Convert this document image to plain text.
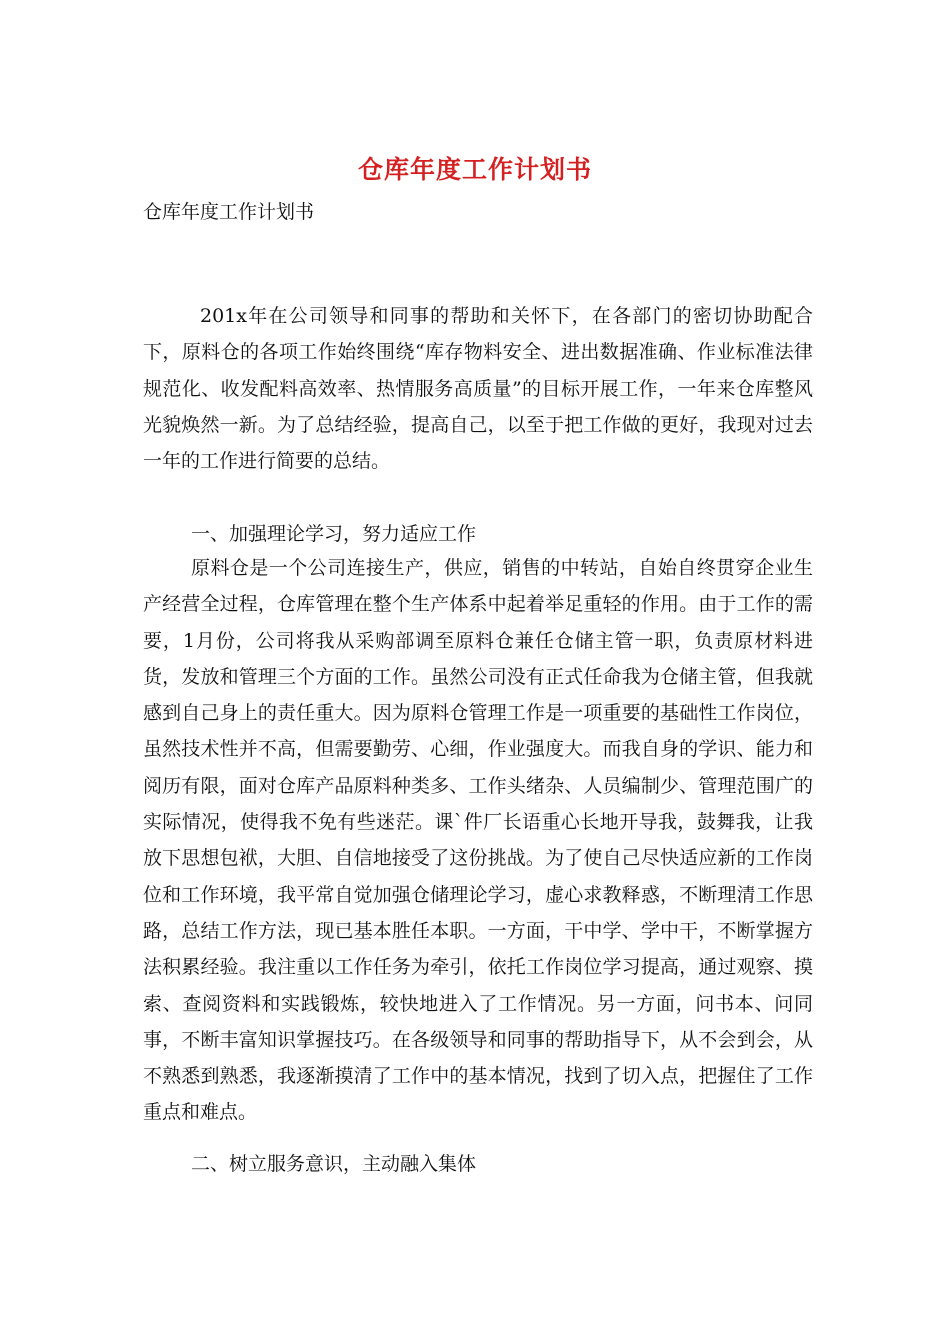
仓库年度工作计划书
仓库年度工作计划书

201x年在公司领导和同事的帮助和关怀下，在各部门的密切协助配合下，原料仓的各项工作始终围绕“库存物料安全、进出数据准确、作业标准法律规范化、收发配料高效率、热情服务高质量”的目标开展工作，一年来仓库整风光貌焕然一新。为了总结经验，提高自己，以至于把工作做的更好，我现对过去一年的工作进行简要的总结。

一、加强理论学习，努力适应工作

原料仓是一个公司连接生产，供应，销售的中转站，自始自终贯穿企业生产经营全过程，仓库管理在整个生产体系中起着举足重轻的作用。由于工作的需要，1月份，公司将我从采购部调至原料仓兼任仓储主管一职，负责原材料进货，发放和管理三个方面的工作。虽然公司没有正式任命我为仓储主管，但我就感到自己身上的责任重大。因为原料仓管理工作是一项重要的基础性工作岗位，虽然技术性并不高，但需要勤劳、心细，作业强度大。而我自身的学识、能力和阅历有限，面对仓库产品原料种类多、工作头绪杂、人员编制少、管理范围广的实际情况，使得我不免有些迷茫。课`件厂长语重心长地开导我，鼓舞我，让我放下思想包袱，大胆、自信地接受了这份挑战。为了使自己尽快适应新的工作岗位和工作环境，我平常自觉加强仓储理论学习，虚心求教释惑，不断理清工作思路，总结工作方法，现已基本胜任本职。一方面，干中学、学中干，不断掌握方法积累经验。我注重以工作任务为牵引，依托工作岗位学习提高，通过观察、摸索、查阅资料和实践锻炼，较快地进入了工作情况。另一方面，问书本、问同事，不断丰富知识掌握技巧。在各级领导和同事的帮助指导下，从不会到会，从不熟悉到熟悉，我逐渐摸清了工作中的基本情况，找到了切入点，把握住了工作重点和难点。

二、树立服务意识，主动融入集体
